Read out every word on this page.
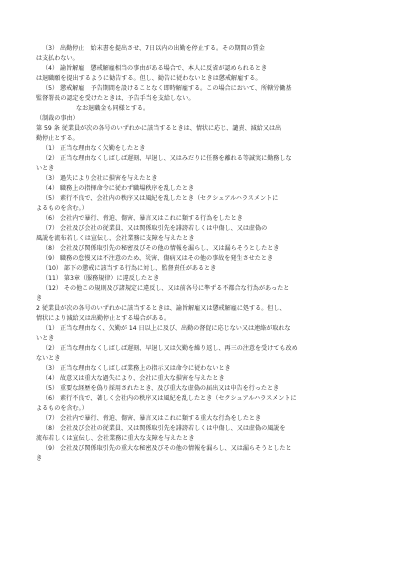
（3） 出勤停止　始末書を提出させ、7日以内の出勤を停止する。その期間の賃金
は支払わない。
（4） 諭旨解雇　懲戒解雇相当の事由がある場合で、本人に反省が認められるとき
は退職願を提出するように勧告する。但し、勧告に従わないときは懲戒解雇する。
（5） 懲戒解雇　予告期間を設けることなく即時解雇する。この場合において、所轄労働基
監督署長の認定を受けたときは、予告手当を支給しない。
なお退職金も同様とする。
（制裁の事由）
第 59 条 従業員が次の各号のいずれかに該当するときは、情状に応じ、譴責、減給又は出
勤停止とする。
（1） 正当な理由なく欠勤をしたとき
（2） 正当な理由なくしばしば遅刻、早退し、又はみだりに任務を離れる等誠実に勤務しな
いとき
（3） 過失により会社に損害を与えたとき
（4） 職務上の指揮命令に従わず職場秩序を乱したとき
（5） 素行不良で、会社内の秩序又は風紀を乱したとき（セクシュアルハラスメントに
よるものを含む。）
（6） 会社内で暴行、脅迫、傷害、暴言又はこれに類する行為をしたとき
（7） 会社及び会社の従業員、又は関係取引先を誹謗若しくは中傷し、又は虚偽の
風説を流布若しくは宣伝し、会社業務に支障を与えたとき
（8） 会社及び関係取引先の秘密及びその他の情報を漏らし、又は漏らそうとしたとき
（9） 職務の怠慢又は不注意のため、災害、傷病又はその他の事故を発生させたとき
（10） 部下の懲戒に該当する行為に対し、監督責任があるとき
（11） 第3章（服務規律）に違反したとき
（12） その他この規則及び諸規定に違反し、又は前各号に準ずる不都合な行為があったと
き
2 従業員が次の各号のいずれかに該当するときは、諭旨解雇又は懲戒解雇に処する。但し、
情状により減給又は出勤停止とする場合がある。
（1） 正当な理由なく、欠勤が 14 日以上に及び、出勤の督促に応じない又は連絡が取れな
いとき
（2） 正当な理由なくしばしば遅刻、早退し又は欠勤を繰り返し、再三の注意を受けても改め
ないとき
（3） 正当な理由なくしばしば業務上の指示又は命令に従わないとき
（4） 故意又は重大な過失により、会社に重大な損害を与えたとき
（5） 重要な経歴を偽り採用されたとき、及び重大な虚偽の届出又は申告を行ったとき
（6） 素行不良で、著しく会社内の秩序又は風紀を乱したとき（セクシュアルハラスメントに
よるものを含む。）
（7） 会社内で暴行、脅迫、傷害、暴言又はこれに類する重大な行為をしたとき
（8） 会社及び会社の従業員、又は関係取引先を誹謗若しくは中傷し、又は虚偽の風説を
流布若しくは宣伝し、会社業務に重大な支障を与えたとき
（9） 会社及び関係取引先の重大な秘密及びその他の情報を漏らし、又は漏らそうとしたと
き
